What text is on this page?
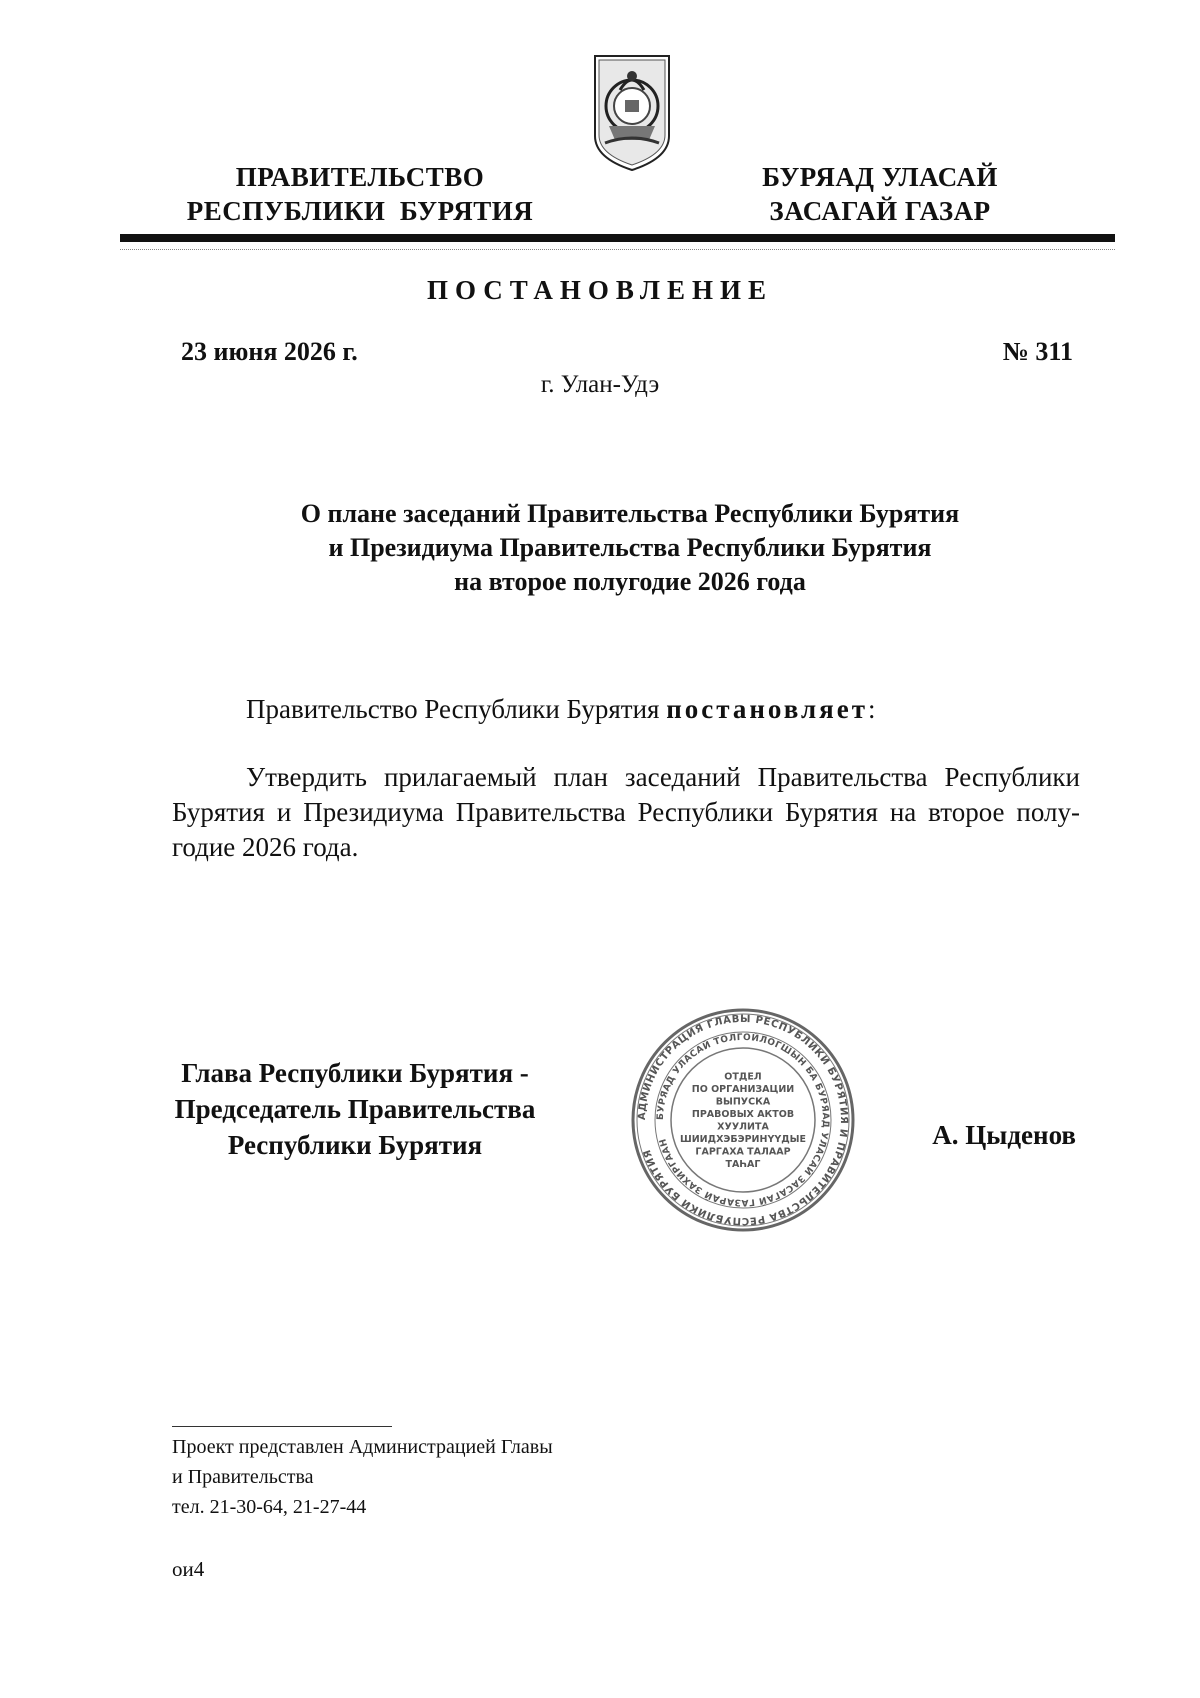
ПРАВИТЕЛЬСТВО

РЕСПУБЛИКИ  БУРЯТИЯ

БУРЯАД УЛАСАЙ

ЗАСАГАЙ ГАЗАР

ПОСТАНОВЛЕНИЕ

23 июня 2026 г.	№ 311
г. Улан-Удэ

О плане заседаний Правительства Республики Бурятия

и Президиума Правительства Республики Бурятия

на второе полугодие 2026 года

Правительство Республики Бурятия постановляет:

Утвердить прилагаемый план заседаний Правительства Республики
Бурятия и Президиума Правительства Республики Бурятия на второе полу-
годие 2026 года.

Глава Республики Бурятия -

Председатель Правительства

Республики Бурятия

АДМИНИСТРАЦИЯ ГЛАВЫ РЕСПУБЛИКИ БУРЯТИЯ И ПРАВИТЕЛЬСТВА РЕСПУБЛИКИ БУРЯТИЯ
БУРЯАД УЛАСАЙ ТОЛГОЙЛОГШЫН БА БУРЯАД УЛАСАЙ ЗАСАГАЙ ГАЗАРАЙ ЗАХИРГААН
ОТДЕЛ
ПО ОРГАНИЗАЦИИ
ВЫПУСКА
ПРАВОВЫХ АКТОВ
ХУУЛИТА
ШИИДХЭБЭРИНҮҮДЫЕ
ГАРГАХА ТАЛААР
ТАҺАГ
А. Цыденов
Проект представлен Администрацией Главы
и Правительства
тел. 21-30-64, 21-27-44
ои4
